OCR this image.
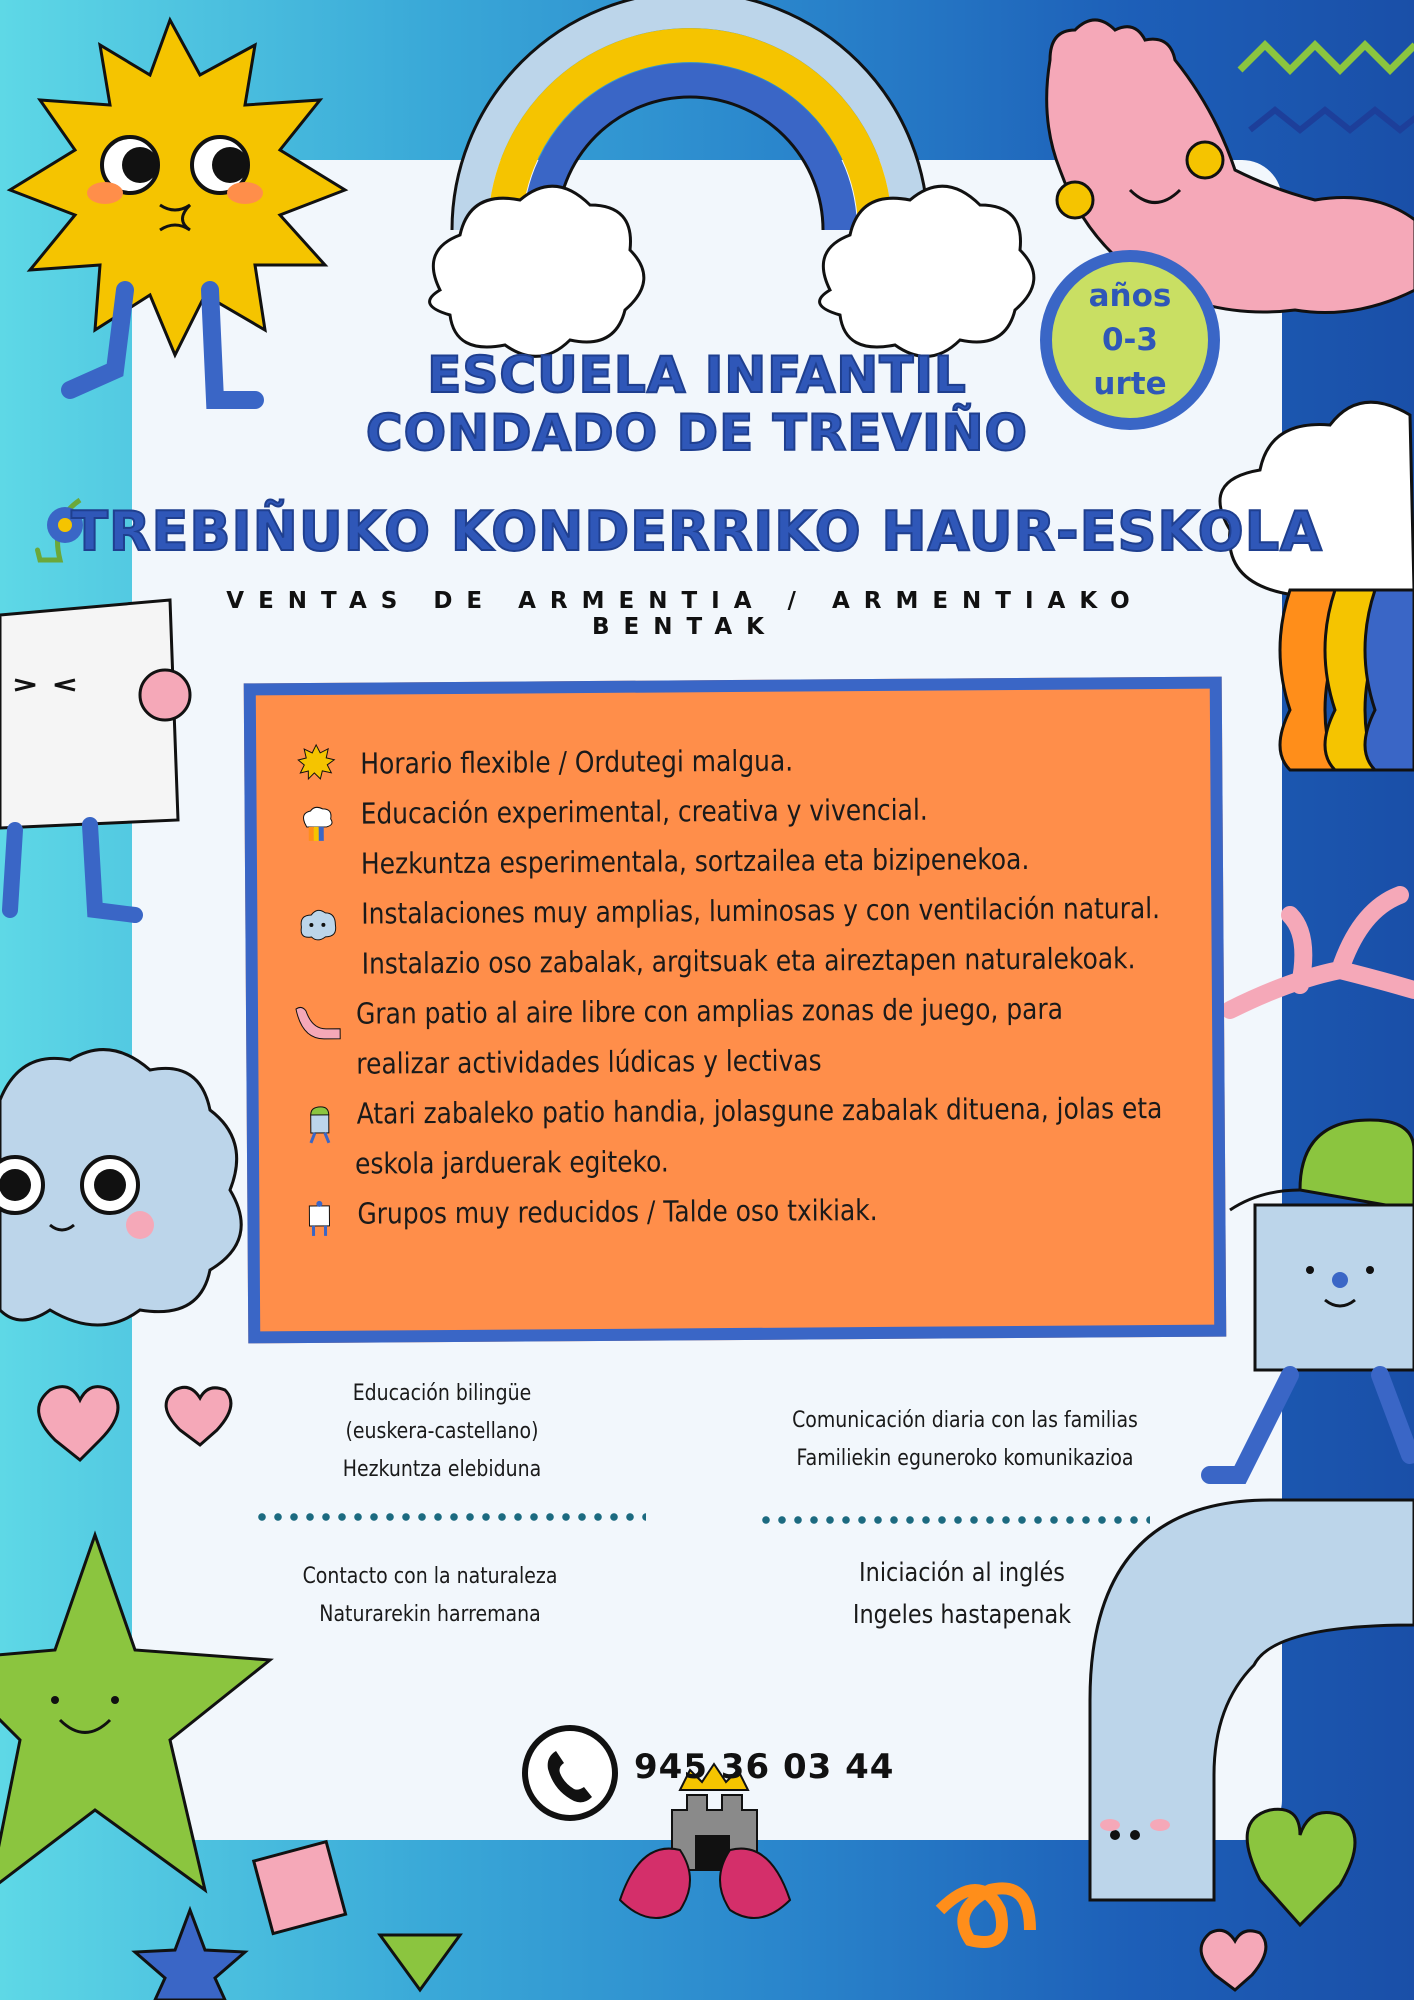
ESCUELA INFANTIL
CONDADO DE TREVIÑO
TREBIÑUKO KONDERRIKO HAUR-ESKOLA
VENTAS DE ARMENTIA / ARMENTIAKO BENTAK
años
0-3
urte
Horario flexible / Ordutegi malgua.
Educación experimental, creativa y vivencial.
Hezkuntza esperimentala, sortzailea eta bizipenekoa.
Instalaciones muy amplias, luminosas y con ventilación natural.
Instalazio oso zabalak, argitsuak eta aireztapen naturalekoak.
Gran patio al aire libre con amplias zonas de juego, para
realizar actividades lúdicas y lectivas
Atari zabaleko patio handia, jolasgune zabalak dituena, jolas eta
eskola jarduerak egiteko.
Grupos muy reducidos / Talde oso txikiak.
Educación bilingüe
(euskera-castellano)
Hezkuntza elebiduna
Comunicación diaria con las familias
Familiekin eguneroko komunikazioa
Contacto con la naturaleza
Naturarekin harremana
Iniciación al inglés
Ingeles hastapenak
945 36 03 44
